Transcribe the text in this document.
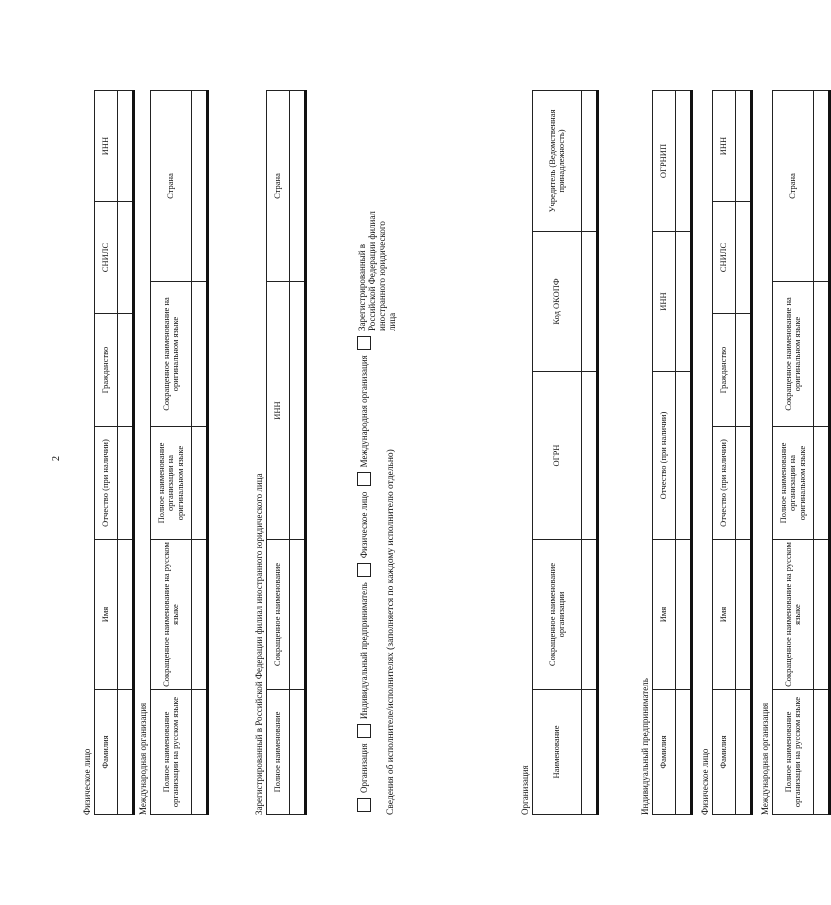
2
Физическое лицо Фамилия	Имя	Отчество (при наличии)	Гражданство	СНИЛС	ИНН

Международная организация Полное наименование организации на русском языке	Сокращенное наименование на русском языке	Полное наименование организации на оригинальном языке	Сокращенное наименование на оригинальном языке	Страна

Зарегистрированный в Российской Федерации филиал иностранного юридического лица Полное наименование	Сокращенное наименование	ИНН	Страна

Организация Индивидуальный предприниматель Физическое лицо Международная организация Зарегистрированный в Российской Федерации филиал иностранного юридического лица
Сведения об исполнителе/исполнителях (заполняется по каждому исполнителю отдельно)	Организация
Наименование	Сокращенное наименование организации	ОГРН	Код ОКОПФ	Учредитель (Ведомственная принадлежность)

Индивидуальный предприниматель Фамилия	Имя	Отчество (при наличии)	ИНН	ОГРНИП

Физическое лицо Фамилия	Имя	Отчество (при наличии)	Гражданство	СНИЛС	ИНН

Международная организация Полное наименование организации на русском языке	Сокращенное наименование на русском языке	Полное наименование организации на оригинальном языке	Сокращенное наименование на оригинальном языке	Страна
